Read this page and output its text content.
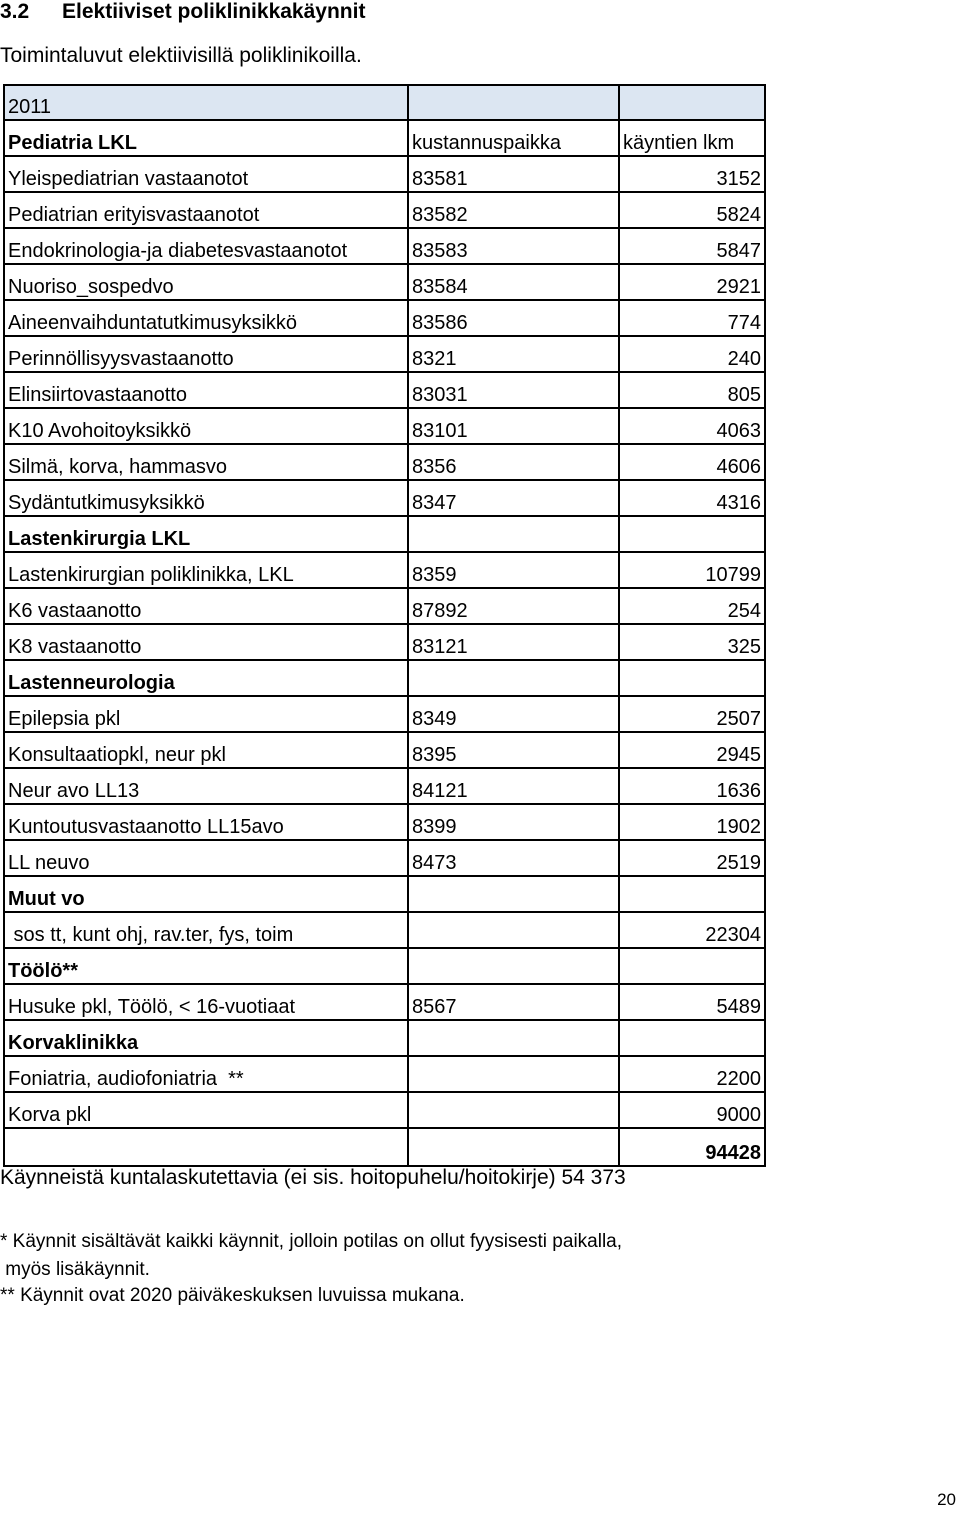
3.2 Elektiiviset poliklinikkakäynnit
Toimintaluvut elektiivisillä poliklinikoilla.
2011		
Pediatria LKL	kustannuspaikka	käyntien lkm
Yleispediatrian vastaanotot	83581	3152
Pediatrian erityisvastaanotot	83582	5824
Endokrinologia-ja diabetesvastaanotot	83583	5847
Nuoriso_sospedvo	83584	2921
Aineenvaihduntatutkimusyksikkö	83586	774
Perinnöllisyysvastaanotto	8321	240
Elinsiirtovastaanotto	83031	805
K10 Avohoitoyksikkö	83101	4063
Silmä, korva, hammasvo	8356	4606
Sydäntutkimusyksikkö	8347	4316
Lastenkirurgia LKL		
Lastenkirurgian poliklinikka, LKL	8359	10799
K6 vastaanotto	87892	254
K8 vastaanotto	83121	325
Lastenneurologia		
Epilepsia pkl	8349	2507
Konsultaatiopkl, neur pkl	8395	2945
Neur avo LL13	84121	1636
Kuntoutusvastaanotto LL15avo	8399	1902
LL neuvo	8473	2519
Muut vo		
sos tt, kunt ohj, rav.ter, fys, toim		22304
Töölö**		
Husuke pkl, Töölö, < 16-vuotiaat	8567	5489
Korvaklinikka		
Foniatria, audiofoniatria  **		2200
Korva pkl		9000
		94428
Käynneistä kuntalaskutettavia (ei sis. hoitopuhelu/hoitokirje) 54 373
* Käynnit sisältävät kaikki käynnit, jolloin potilas on ollut fyysisesti paikalla,
myös lisäkäynnit.
** Käynnit ovat 2020 päiväkeskuksen luvuissa mukana.
20
